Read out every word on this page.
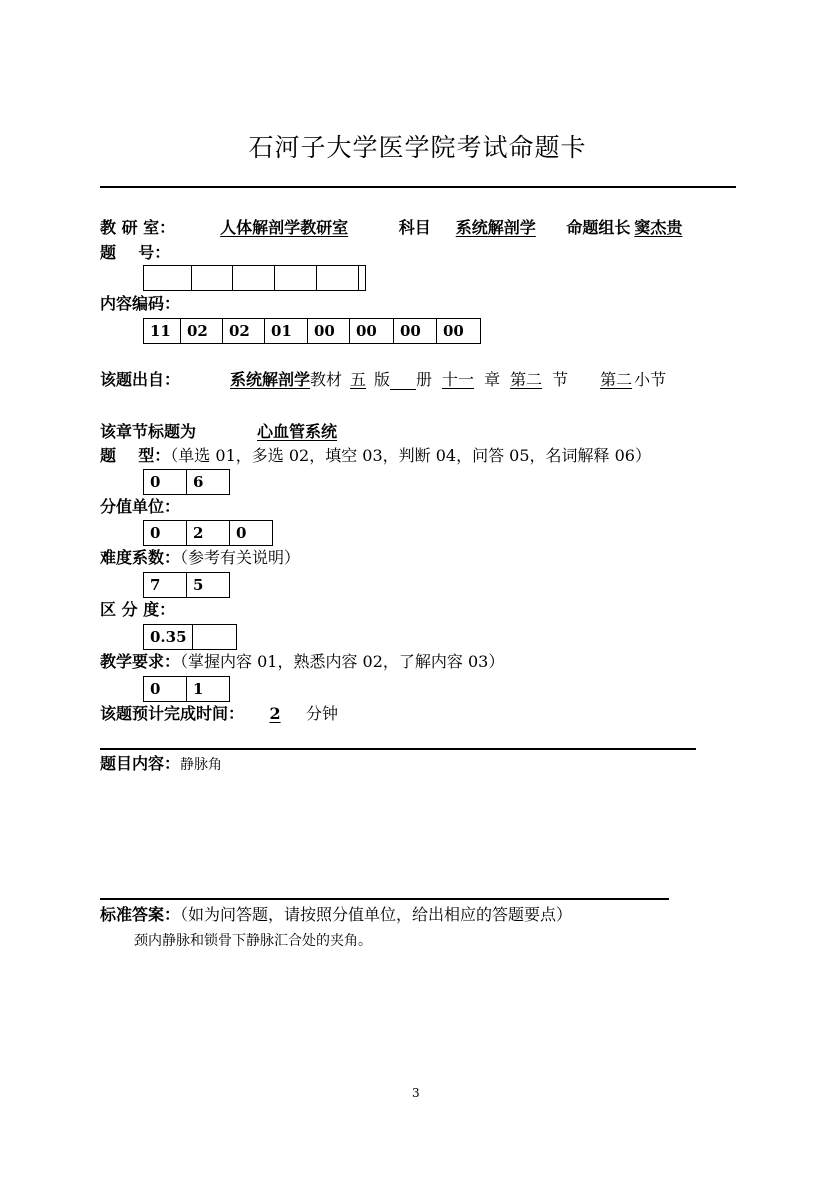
石河子大学医学院考试命题卡
教 研 室：	人体解剖学教研室	科目 系统解剖学 命题组长 窦杰贵
题    号：
内容编码：
11	02	02	01	00	00	00	00
该题出自：	系统解剖学教材 五 版 册 十一 章 第二 节 第二 小节
该章节标题为	心血管系统
题    型：（单选 01，多选 02，填空 03，判断 04，问答 05，名词解释 06）
0	6
分值单位：
0	2	0
难度系数：（参考有关说明）
7	5
区 分 度：
0.35
教学要求：（掌握内容 01，熟悉内容 02，了解内容 03）
0	1
该题预计完成时间： 2 分钟
题目内容：静脉角
标准答案：（如为问答题，请按照分值单位，给出相应的答题要点）
颈内静脉和锁骨下静脉汇合处的夹角。
3
